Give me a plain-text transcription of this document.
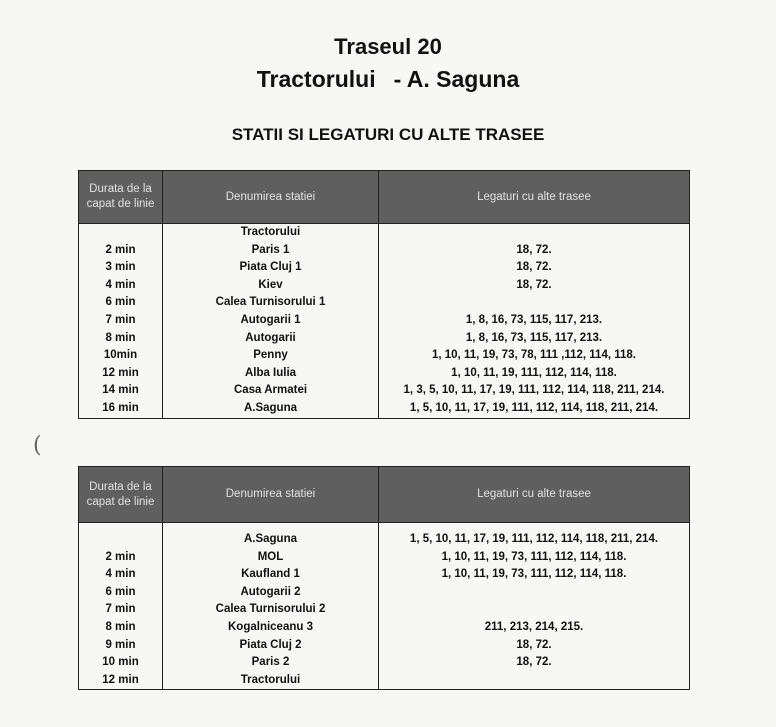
Traseul 20
Tractorului - A. Saguna
STATII SI LEGATURI CU ALTE TRASEE
(
Durata de la capat de linie	Denumirea statiei	Legaturi cu alte trasee
	Tractorului	
2 min	Paris 1	18, 72.
3 min	Piata Cluj 1	18, 72.
4 min	Kiev	18, 72.
6 min	Calea Turnisorului 1	
7 min	Autogarii 1	1, 8, 16, 73, 115, 117, 213.
8 min	Autogarii	1, 8, 16, 73, 115, 117, 213.
10min	Penny	1, 10, 11, 19, 73, 78, 111 ,112, 114, 118.
12 min	Alba Iulia	1, 10, 11, 19, 111, 112, 114, 118.
14 min	Casa Armatei	1, 3, 5, 10, 11, 17, 19, 111, 112, 114, 118, 211, 214.
16 min	A.Saguna	1, 5, 10, 11, 17, 19, 111, 112, 114, 118, 211, 214.
Durata de la capat de linie	Denumirea statiei	Legaturi cu alte trasee

	A.Saguna	1, 5, 10, 11, 17, 19, 111, 112, 114, 118, 211, 214.
2 min	MOL	1, 10, 11, 19, 73, 111, 112, 114, 118.
4 min	Kaufland 1	1, 10, 11, 19, 73, 111, 112, 114, 118.
6 min	Autogarii 2	
7 min	Calea Turnisorului 2	
8 min	Kogalniceanu 3	211, 213, 214, 215.
9 min	Piata Cluj 2	18, 72.
10 min	Paris 2	18, 72.
12 min	Tractorului	
